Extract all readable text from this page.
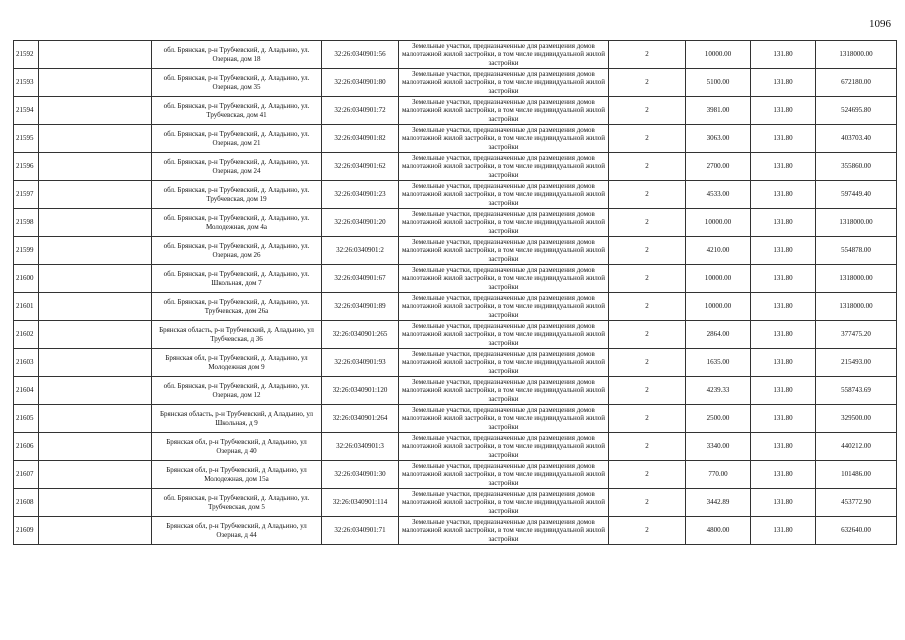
1096
21592		обл. Брянская, р-н Трубчевский, д. Аладьино, ул. Озерная, дом 18	32:26:0340901:56	Земельные участки, предназначенные для размещения домов малоэтажной жилой застройки, в том числе индивидуальной жилой застройки	2	10000.00	131.80	1318000.00
21593		обл. Брянская, р-н Трубчевский, д. Аладьино, ул. Озерная, дом 35	32:26:0340901:80	Земельные участки, предназначенные для размещения домов малоэтажной жилой застройки, в том числе индивидуальной жилой застройки	2	5100.00	131.80	672180.00
21594		обл. Брянская, р-н Трубчевский, д. Аладьино, ул. Трубчевская, дом 41	32:26:0340901:72	Земельные участки, предназначенные для размещения домов малоэтажной жилой застройки, в том числе индивидуальной жилой застройки	2	3981.00	131.80	524695.80
21595		обл. Брянская, р-н Трубчевский, д. Аладьино, ул. Озерная, дом 21	32:26:0340901:82	Земельные участки, предназначенные для размещения домов малоэтажной жилой застройки, в том числе индивидуальной жилой застройки	2	3063.00	131.80	403703.40
21596		обл. Брянская, р-н Трубчевский, д. Аладьино, ул. Озерная, дом 24	32:26:0340901:62	Земельные участки, предназначенные для размещения домов малоэтажной жилой застройки, в том числе индивидуальной жилой застройки	2	2700.00	131.80	355860.00
21597		обл. Брянская, р-н Трубчевский, д. Аладьино, ул. Трубчевская, дом 19	32:26:0340901:23	Земельные участки, предназначенные для размещения домов малоэтажной жилой застройки, в том числе индивидуальной жилой застройки	2	4533.00	131.80	597449.40
21598		обл. Брянская, р-н Трубчевский, д. Аладьино, ул. Молодежная, дом 4а	32:26:0340901:20	Земельные участки, предназначенные для размещения домов малоэтажной жилой застройки, в том числе индивидуальной жилой застройки	2	10000.00	131.80	1318000.00
21599		обл. Брянская, р-н Трубчевский, д. Аладьино, ул. Озерная, дом 26	32:26:0340901:2	Земельные участки, предназначенные для размещения домов малоэтажной жилой застройки, в том числе индивидуальной жилой застройки	2	4210.00	131.80	554878.00
21600		обл. Брянская, р-н Трубчевский, д. Аладьино, ул. Школьная, дом 7	32:26:0340901:67	Земельные участки, предназначенные для размещения домов малоэтажной жилой застройки, в том числе индивидуальной жилой застройки	2	10000.00	131.80	1318000.00
21601		обл. Брянская, р-н Трубчевский, д. Аладьино, ул. Трубчевская, дом 26а	32:26:0340901:89	Земельные участки, предназначенные для размещения домов малоэтажной жилой застройки, в том числе индивидуальной жилой застройки	2	10000.00	131.80	1318000.00
21602		Брянская область, р-н Трубчевский, д. Аладьино, ул Трубчевская, д 36	32:26:0340901:265	Земельные участки, предназначенные для размещения домов малоэтажной жилой застройки, в том числе индивидуальной жилой застройки	2	2864.00	131.80	377475.20
21603		Брянская обл, р-н Трубчевский, д. Аладьино, ул Молодежная дом 9	32:26:0340901:93	Земельные участки, предназначенные для размещения домов малоэтажной жилой застройки, в том числе индивидуальной жилой застройки	2	1635.00	131.80	215493.00
21604		обл. Брянская, р-н Трубчевский, д. Аладьино, ул. Озерная, дом 12	32:26:0340901:120	Земельные участки, предназначенные для размещения домов малоэтажной жилой застройки, в том числе индивидуальной жилой застройки	2	4239.33	131.80	558743.69
21605		Брянская область, р-н Трубчевский, д Аладьино, ул Школьная, д 9	32:26:0340901:264	Земельные участки, предназначенные для размещения домов малоэтажной жилой застройки, в том числе индивидуальной жилой застройки	2	2500.00	131.80	329500.00
21606		Брянская обл, р-н Трубчевский, д Аладьино, ул Озерная, д 40	32:26:0340901:3	Земельные участки, предназначенные для размещения домов малоэтажной жилой застройки, в том числе индивидуальной жилой застройки	2	3340.00	131.80	440212.00
21607		Брянская обл, р-н Трубчевский, д Аладьино, ул Молодежная, дом 15а	32:26:0340901:30	Земельные участки, предназначенные для размещения домов малоэтажной жилой застройки, в том числе индивидуальной жилой застройки	2	770.00	131.80	101486.00
21608		обл. Брянская, р-н Трубчевский, д. Аладьино, ул. Трубчевская, дом 5	32:26:0340901:114	Земельные участки, предназначенные для размещения домов малоэтажной жилой застройки, в том числе индивидуальной жилой застройки	2	3442.89	131.80	453772.90
21609		Брянская обл, р-н Трубчевский, д Аладьино, ул Озерная, д 44	32:26:0340901:71	Земельные участки, предназначенные для размещения домов малоэтажной жилой застройки, в том числе индивидуальной жилой застройки	2	4800.00	131.80	632640.00
